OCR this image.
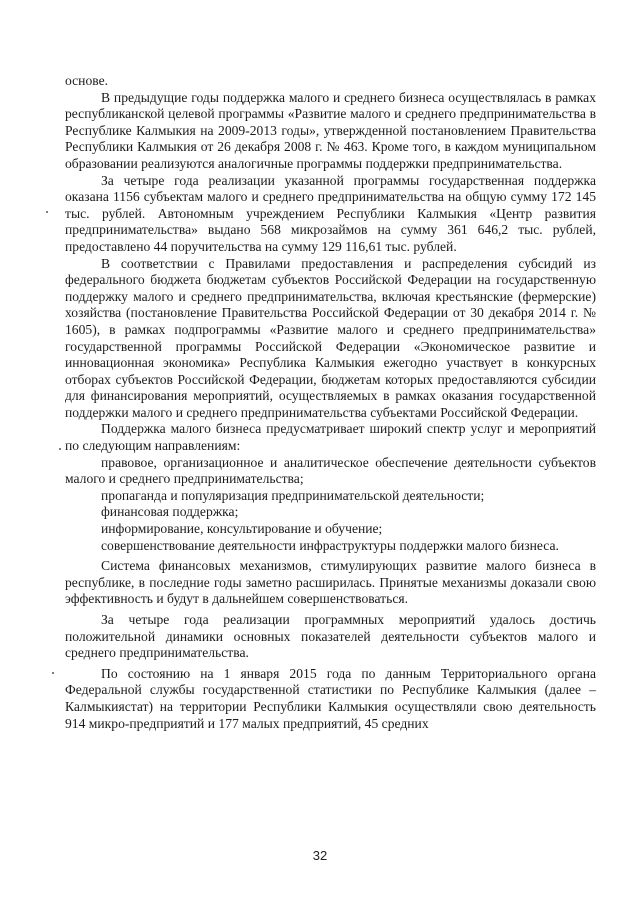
основе.

В предыдущие годы поддержка малого и среднего бизнеса осуществлялась в рамках республиканской целевой программы «Развитие малого и среднего предпринимательства в Республике Калмыкия на 2009-2013 годы», утвержденной постановлением Правительства Республики Калмыкия от 26 декабря 2008 г. № 463. Кроме того, в каждом муниципальном образовании реализуются аналогичные программы поддержки предпринимательства.

За четыре года реализации указанной программы государственная поддержка оказана 1156 субъектам малого и среднего предпринимательства на общую сумму 172 145 тыс. рублей. Автономным учреждением Республики Калмыкия «Центр развития предпринимательства» выдано 568 микрозаймов на сумму 361 646,2 тыс. рублей, предоставлено 44 поручительства на сумму 129 116,61 тыс. рублей.

В соответствии с Правилами предоставления и распределения субсидий из федерального бюджета бюджетам субъектов Российской Федерации на государственную поддержку малого и среднего предпринимательства, включая крестьянские (фермерские) хозяйства (постановление Правительства Российской Федерации от 30 декабря 2014 г. № 1605), в рамках подпрограммы «Развитие малого и среднего предпринимательства» государственной программы Российской Федерации «Экономическое развитие и инновационная экономика» Республика Калмыкия ежегодно участвует в конкурсных отборах субъектов Российской Федерации, бюджетам которых предоставляются субсидии для финансирования мероприятий, осуществляемых в рамках оказания государственной поддержки малого и среднего предпринимательства субъектами Российской Федерации.

Поддержка малого бизнеса предусматривает широкий спектр услуг и мероприятий по следующим направлениям:

правовое, организационное и аналитическое обеспечение деятельности субъектов малого и среднего предпринимательства;

пропаганда и популяризация предпринимательской деятельности;

финансовая поддержка;

информирование, консультирование и обучение;

совершенствование деятельности инфраструктуры поддержки малого бизнеса.

Система финансовых механизмов, стимулирующих развитие малого бизнеса в республике, в последние годы заметно расширилась. Принятые механизмы доказали свою эффективность и будут в дальнейшем совершенствоваться.

За четыре года реализации программных мероприятий удалось достичь положительной динамики основных показателей деятельности субъектов малого и среднего предпринимательства.

По состоянию на 1 января 2015 года по данным Территориального органа Федеральной службы государственной статистики по Республике Калмыкия (далее – Калмыкиястат) на территории Республики Калмыкия осуществляли свою деятельность 914 микро-предприятий и 177 малых предприятий, 45 средних

32
